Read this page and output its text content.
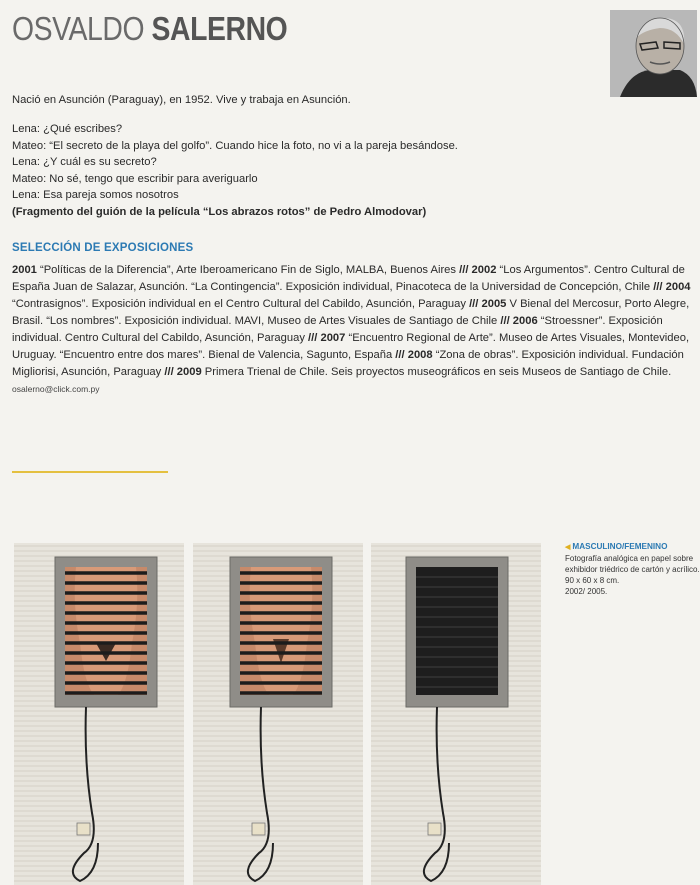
OSVALDO SALERNO
Nació en Asunción (Paraguay), en 1952. Vive y trabaja en Asunción.

Lena: ¿Qué escribes?

Mateo: “El secreto de la playa del golfo”. Cuando hice la foto, no vi a la pareja besándose.

Lena: ¿Y cuál es su secreto?

Mateo: No sé, tengo que escribir para averiguarlo

Lena: Esa pareja somos nosotros

(Fragmento del guión de la película “Los abrazos rotos” de Pedro Almodovar)

SELECCIÓN DE EXPOSICIONES
2001 “Políticas de la Diferencia”, Arte Iberoamericano Fin de Siglo, MALBA, Buenos Aires /// 2002 “Los Argumentos”. Centro Cultural de España Juan de Salazar, Asunción. “La Contingencia”. Exposición individual, Pinacoteca de la Universidad de Concepción, Chile /// 2004 “Contrasignos”. Exposición individual en el Centro Cultural del Cabildo, Asunción, Paraguay /// 2005 V Bienal del Mercosur, Porto Alegre, Brasil. “Los nombres”. Exposición individual. MAVI, Museo de Artes Visuales de Santiago de Chile /// 2006 “Stroessner”. Exposición individual. Centro Cultural del Cabildo, Asunción, Paraguay /// 2007 “Encuentro Regional de Arte”. Museo de Artes Visuales, Montevideo, Uruguay. “Encuentro entre dos mares”. Bienal de Valencia, Sagunto, España /// 2008 “Zona de obras”. Exposición individual. Fundación Migliorisi, Asunción, Paraguay /// 2009 Primera Trienal de Chile. Seis proyectos museográficos en seis Museos de Santiago de Chile.
osalerno@click.com.py
◀ MASCULINO/FEMENINO
Fotografía analógica en papel sobre
exhibidor triédrico de cartón y acrílico.
90 x 60 x 8 cm.
2002/ 2005.
